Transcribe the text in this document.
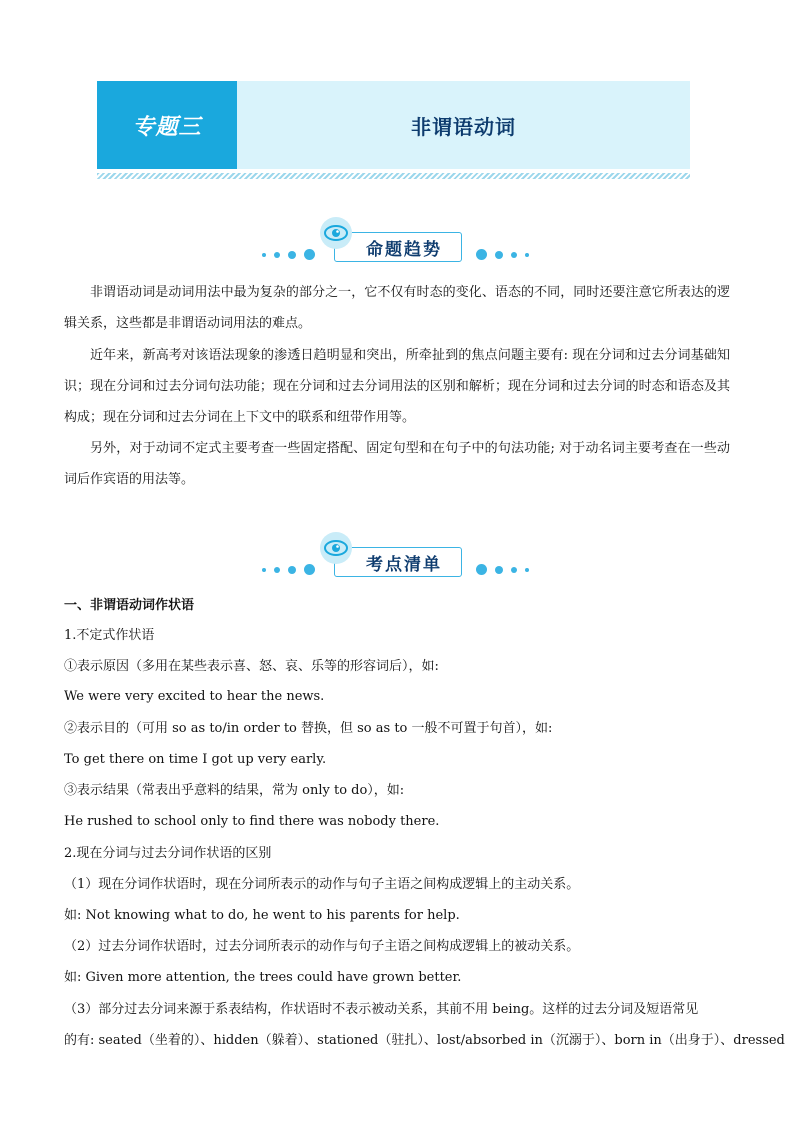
专题三	非谓语动词
命题趋势
非谓语动词是动词用法中最为复杂的部分之一，它不仅有时态的变化、语态的不同，同时还要注意它所表达的逻辑关系，这些都是非谓语动词用法的难点。
近年来，新高考对该语法现象的渗透日趋明显和突出，所牵扯到的焦点问题主要有: 现在分词和过去分词基础知识；现在分词和过去分词句法功能；现在分词和过去分词用法的区别和解析；现在分词和过去分词的时态和语态及其构成；现在分词和过去分词在上下文中的联系和纽带作用等。
另外，对于动词不定式主要考查一些固定搭配、固定句型和在句子中的句法功能; 对于动名词主要考查在一些动词后作宾语的用法等。
考点清单
一、非谓语动词作状语
1.不定式作状语
①表示原因（多用在某些表示喜、怒、哀、乐等的形容词后），如:
We were very excited to hear the news.
②表示目的（可用 so as to/in order to 替换，但 so as to 一般不可置于句首），如:
To get there on time I got up very early.
③表示结果（常表出乎意料的结果，常为 only to do），如:
He rushed to school only to find there was nobody there.
2.现在分词与过去分词作状语的区别
（1）现在分词作状语时，现在分词所表示的动作与句子主语之间构成逻辑上的主动关系。
如: Not knowing what to do, he went to his parents for help.
（2）过去分词作状语时，过去分词所表示的动作与句子主语之间构成逻辑上的被动关系。
如: Given more attention, the trees could have grown better.
（3）部分过去分词来源于系表结构，作状语时不表示被动关系，其前不用 being。这样的过去分词及短语常见
的有: seated（坐着的）、hidden（躲着）、stationed（驻扎）、lost/absorbed in（沉溺于）、born in（出身于）、dressed
